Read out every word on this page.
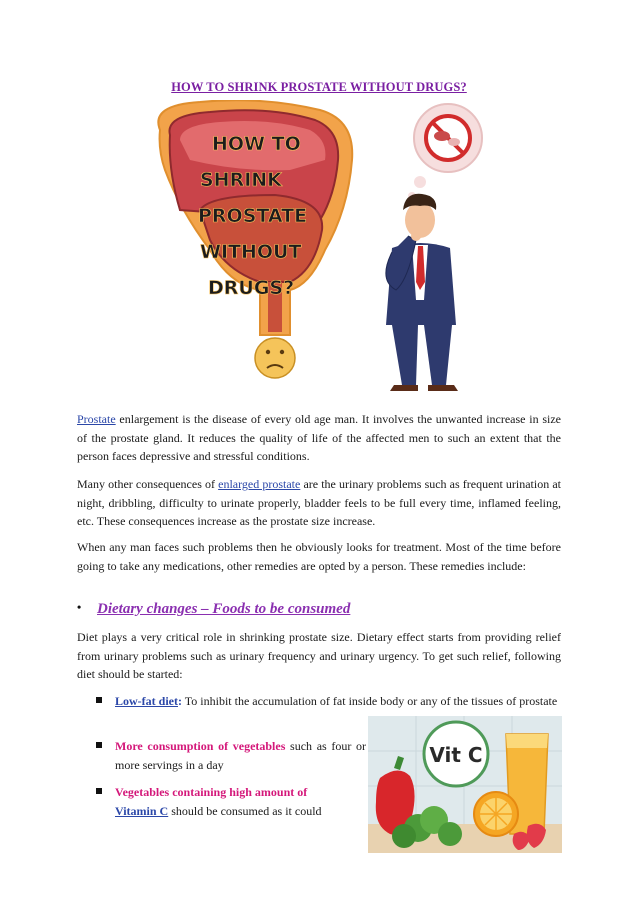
HOW TO SHRINK PROSTATE WITHOUT DRUGS?
HOW TO
SHRINK
PROSTATE
WITHOUT
DRUGS?

Prostate enlargement is the disease of every old age man. It involves the unwanted increase in size of the prostate gland. It reduces the quality of life of the affected men to such an extent that the person faces depressive and stressful conditions.

Many other consequences of enlarged prostate are the urinary problems such as frequent urination at night, dribbling, difficulty to urinate properly, bladder feels to be full every time, inflamed feeling, etc. These consequences increase as the prostate size increase.

When any man faces such problems then he obviously looks for treatment. Most of the time before going to take any medications, other remedies are opted by a person. These remedies include:

• Dietary changes – Foods to be consumed

Diet plays a very critical role in shrinking prostate size. Dietary effect starts from providing relief from urinary problems such as urinary frequency and urinary urgency. To get such relief, following diet should be started:

Low-fat diet: To inhibit the accumulation of fat inside body or any of the tissues of prostate
More consumption of vegetables such as four or more servings in a day
Vegetables containing high amount of
Vitamin C should be consumed as it could
Vit C
